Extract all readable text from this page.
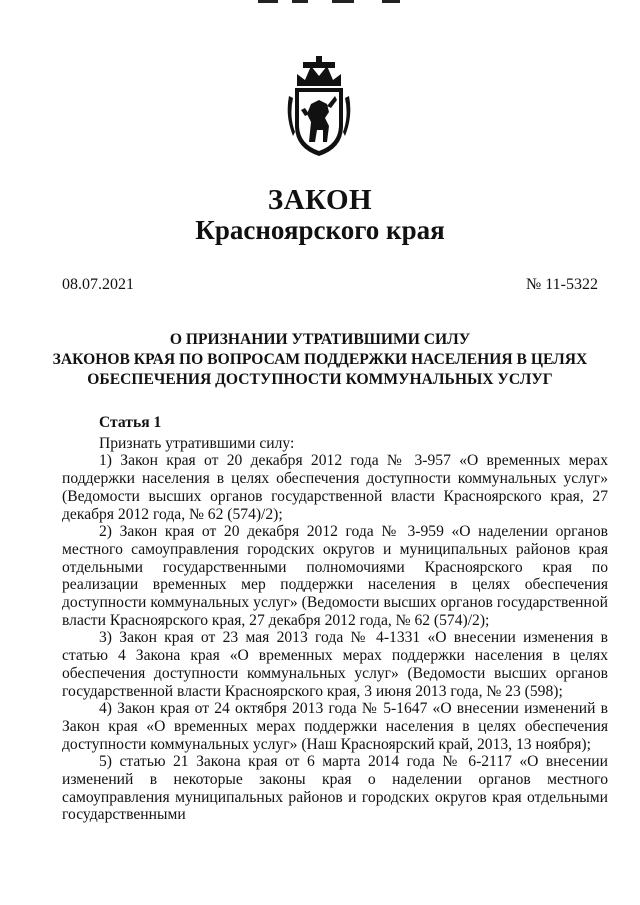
ЗАКОН
Красноярского края
08.07.2021	№ 11-5322
О ПРИЗНАНИИ УТРАТИВШИМИ СИЛУ
ЗАКОНОВ КРАЯ ПО ВОПРОСАМ ПОДДЕРЖКИ НАСЕЛЕНИЯ В ЦЕЛЯХ
ОБЕСПЕЧЕНИЯ ДОСТУПНОСТИ КОММУНАЛЬНЫХ УСЛУГ

Статья 1

Признать утратившими силу:

1) Закон края от 20 декабря 2012 года № 3-957 «О временных мерах поддержки населения в целях обеспечения доступности коммунальных услуг» (Ведомости высших органов государственной власти Красноярского края, 27 декабря 2012 года, № 62 (574)/2);

2) Закон края от 20 декабря 2012 года № 3-959 «О наделении органов местного самоуправления городских округов и муниципальных районов края отдельными государственными полномочиями Красноярского края по реализации временных мер поддержки населения в целях обеспечения доступности коммунальных услуг» (Ведомости высших органов государственной власти Красноярского края, 27 декабря 2012 года, № 62 (574)/2);

3) Закон края от 23 мая 2013 года № 4-1331 «О внесении изменения в статью 4 Закона края «О временных мерах поддержки населения в целях обеспечения доступности коммунальных услуг» (Ведомости высших органов государственной власти Красноярского края, 3 июня 2013 года, № 23 (598);

4) Закон края от 24 октября 2013 года № 5-1647 «О внесении изменений в Закон края «О временных мерах поддержки населения в целях обеспечения доступности коммунальных услуг» (Наш Красноярский край, 2013, 13 ноября);

5) статью 21 Закона края от 6 марта 2014 года № 6-2117 «О внесении изменений в некоторые законы края о наделении органов местного самоуправления муниципальных районов и городских округов края отдельными государственными
